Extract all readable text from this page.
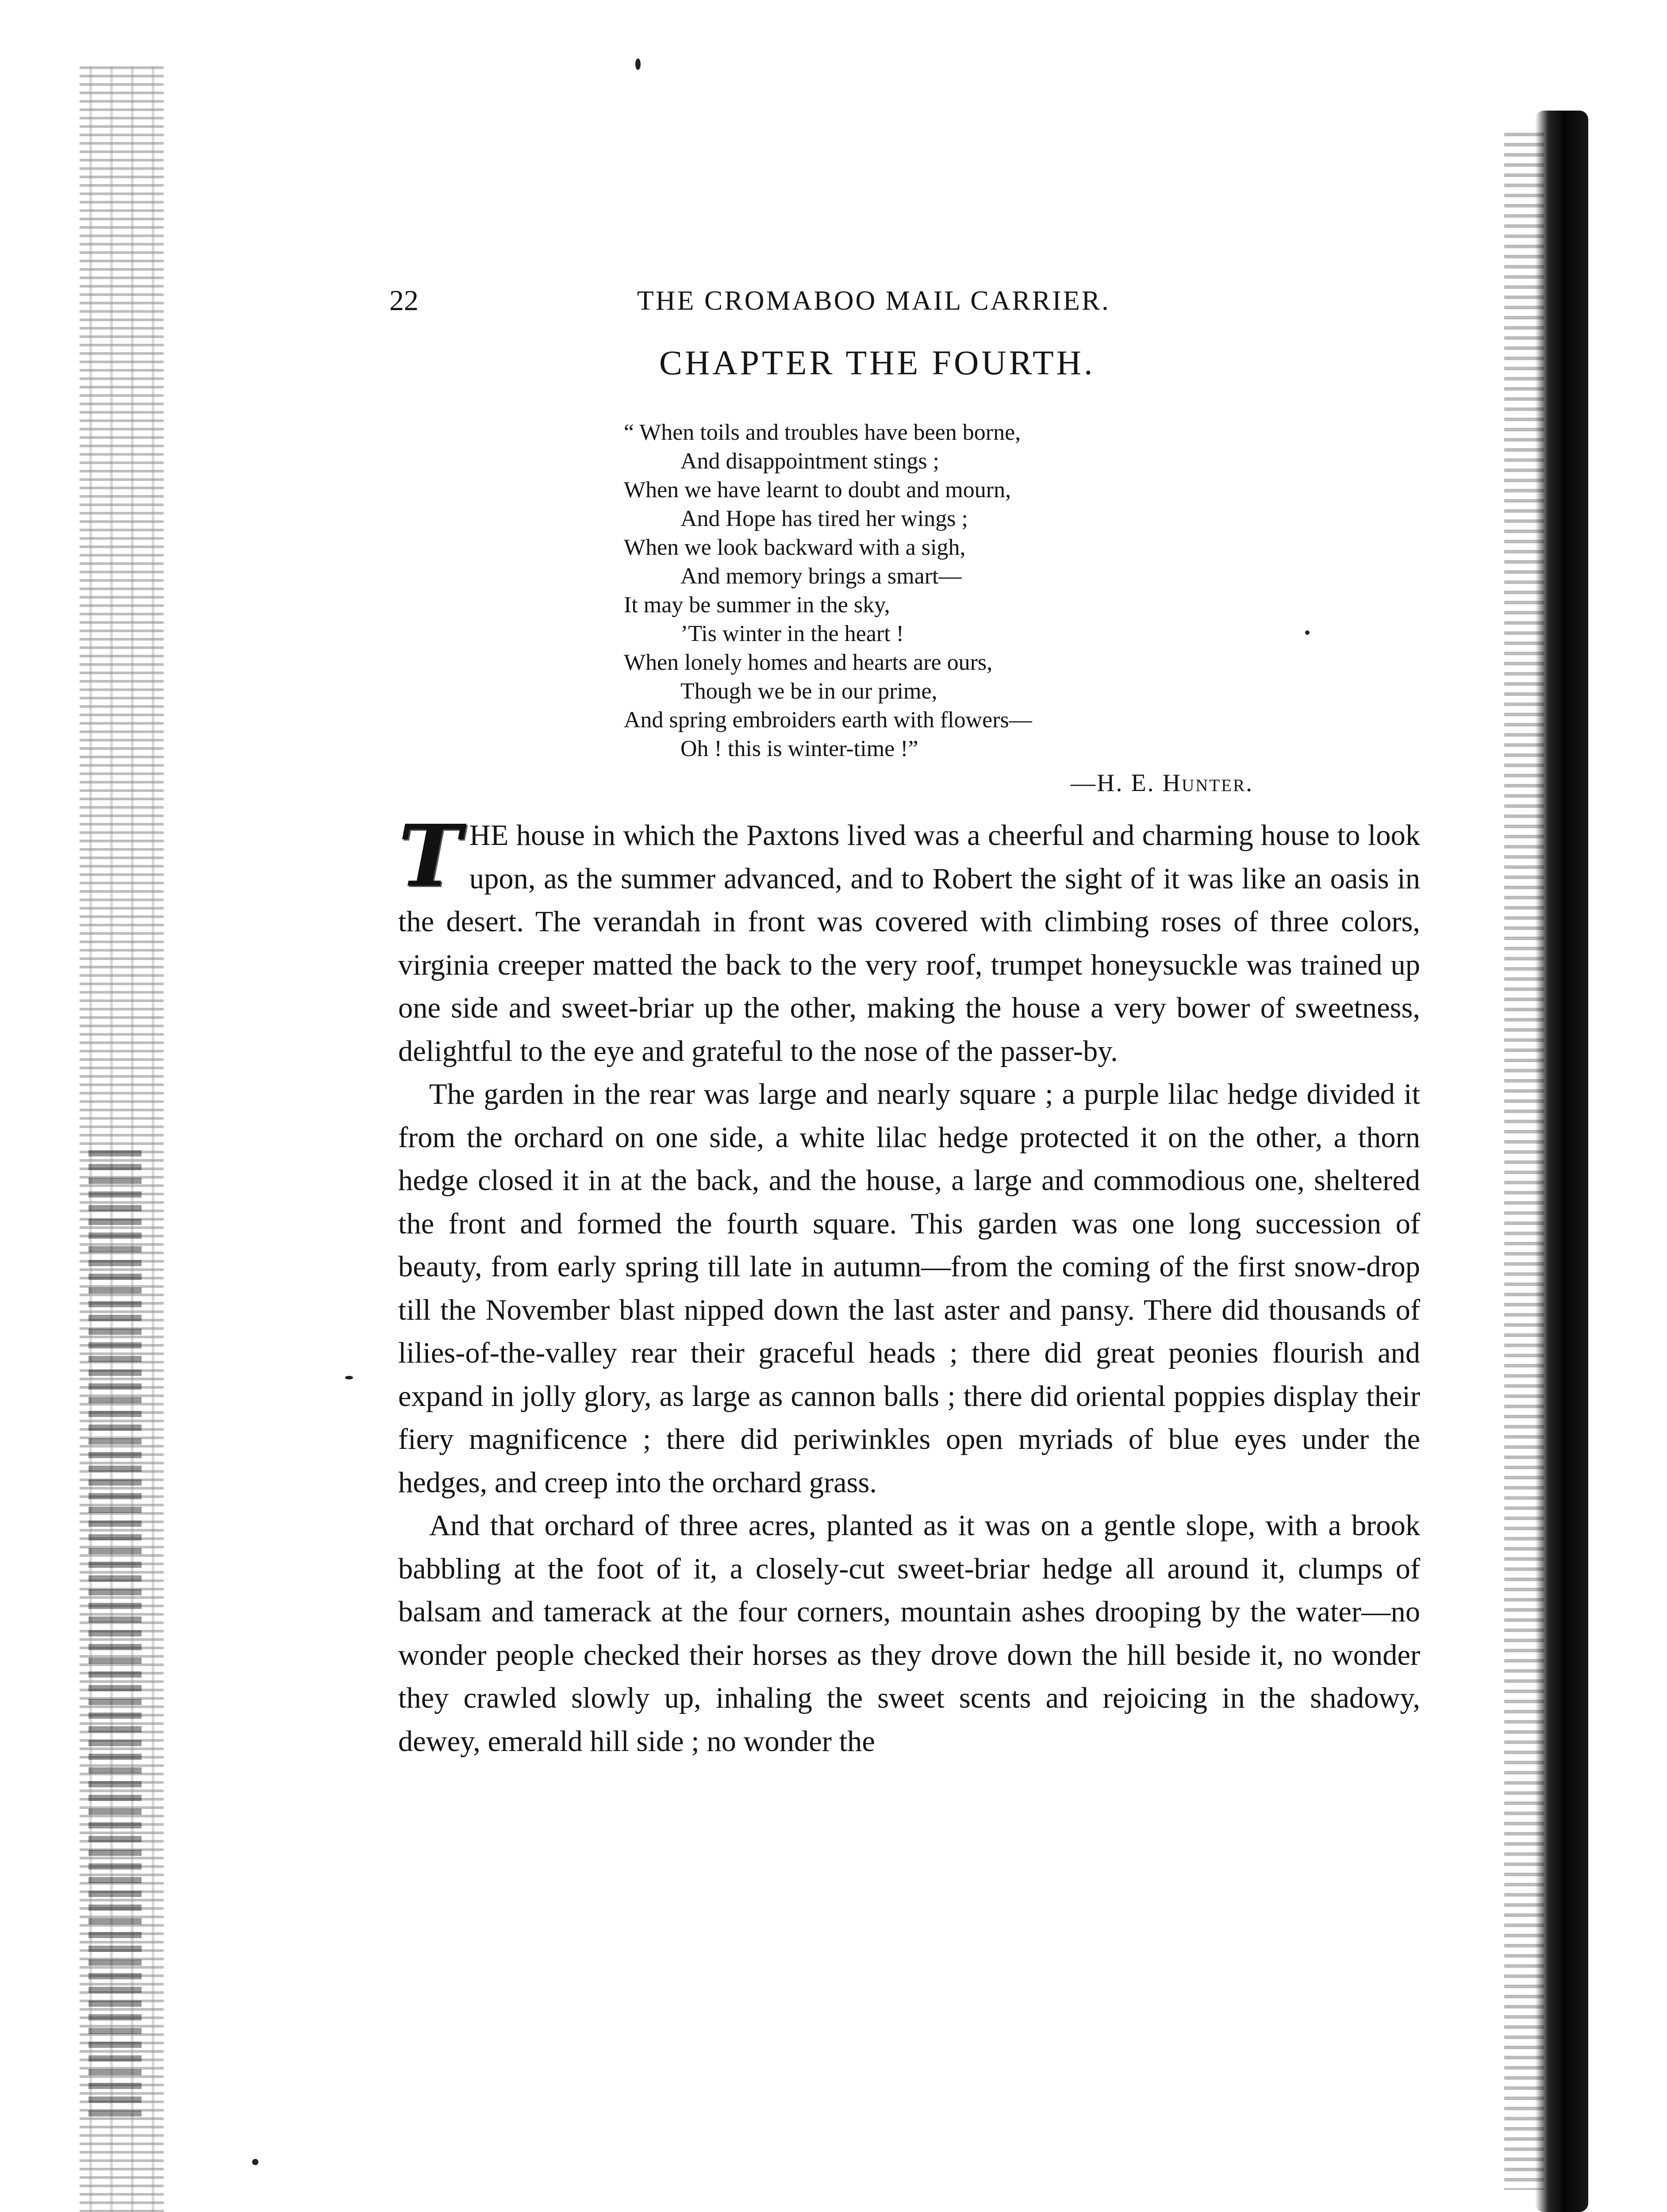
22	THE CROMABOO MAIL CARRIER.
CHAPTER THE FOURTH.
“ When toils and troubles have been borne,
And disappointment stings ;
When we have learnt to doubt and mourn,
And Hope has tired her wings ;
When we look backward with a sigh,
And memory brings a smart—
It may be summer in the sky,
’Tis winter in the heart !
When lonely homes and hearts are ours,
Though we be in our prime,
And spring embroiders earth with flowers—
Oh ! this is winter-time !”
—H. E. Hunter.

THE house in which the Paxtons lived was a cheerful and charming house to look upon, as the summer advanced, and to Robert the sight of it was like an oasis in the desert. The verandah in front was covered with climbing roses of three colors, virginia creeper matted the back to the very roof, trumpet honeysuckle was trained up one side and sweet-briar up the other, making the house a very bower of sweetness, delightful to the eye and grateful to the nose of the passer-by.

The garden in the rear was large and nearly square ; a purple lilac hedge divided it from the orchard on one side, a white lilac hedge protected it on the other, a thorn hedge closed it in at the back, and the house, a large and commodious one, sheltered the front and formed the fourth square. This garden was one long succession of beauty, from early spring till late in autumn—from the coming of the first snow-drop till the November blast nipped down the last aster and pansy. There did thousands of lilies-of-the-valley rear their graceful heads ; there did great peonies flourish and expand in jolly glory, as large as cannon balls ; there did oriental poppies display their fiery magnificence ; there did periwinkles open myriads of blue eyes under the hedges, and creep into the orchard grass.

And that orchard of three acres, planted as it was on a gentle slope, with a brook babbling at the foot of it, a closely-cut sweet-briar hedge all around it, clumps of balsam and tamerack at the four corners, mountain ashes drooping by the water—no wonder people checked their horses as they drove down the hill beside it, no wonder they crawled slowly up, inhaling the sweet scents and rejoicing in the shadowy, dewey, emerald hill side ; no wonder the
